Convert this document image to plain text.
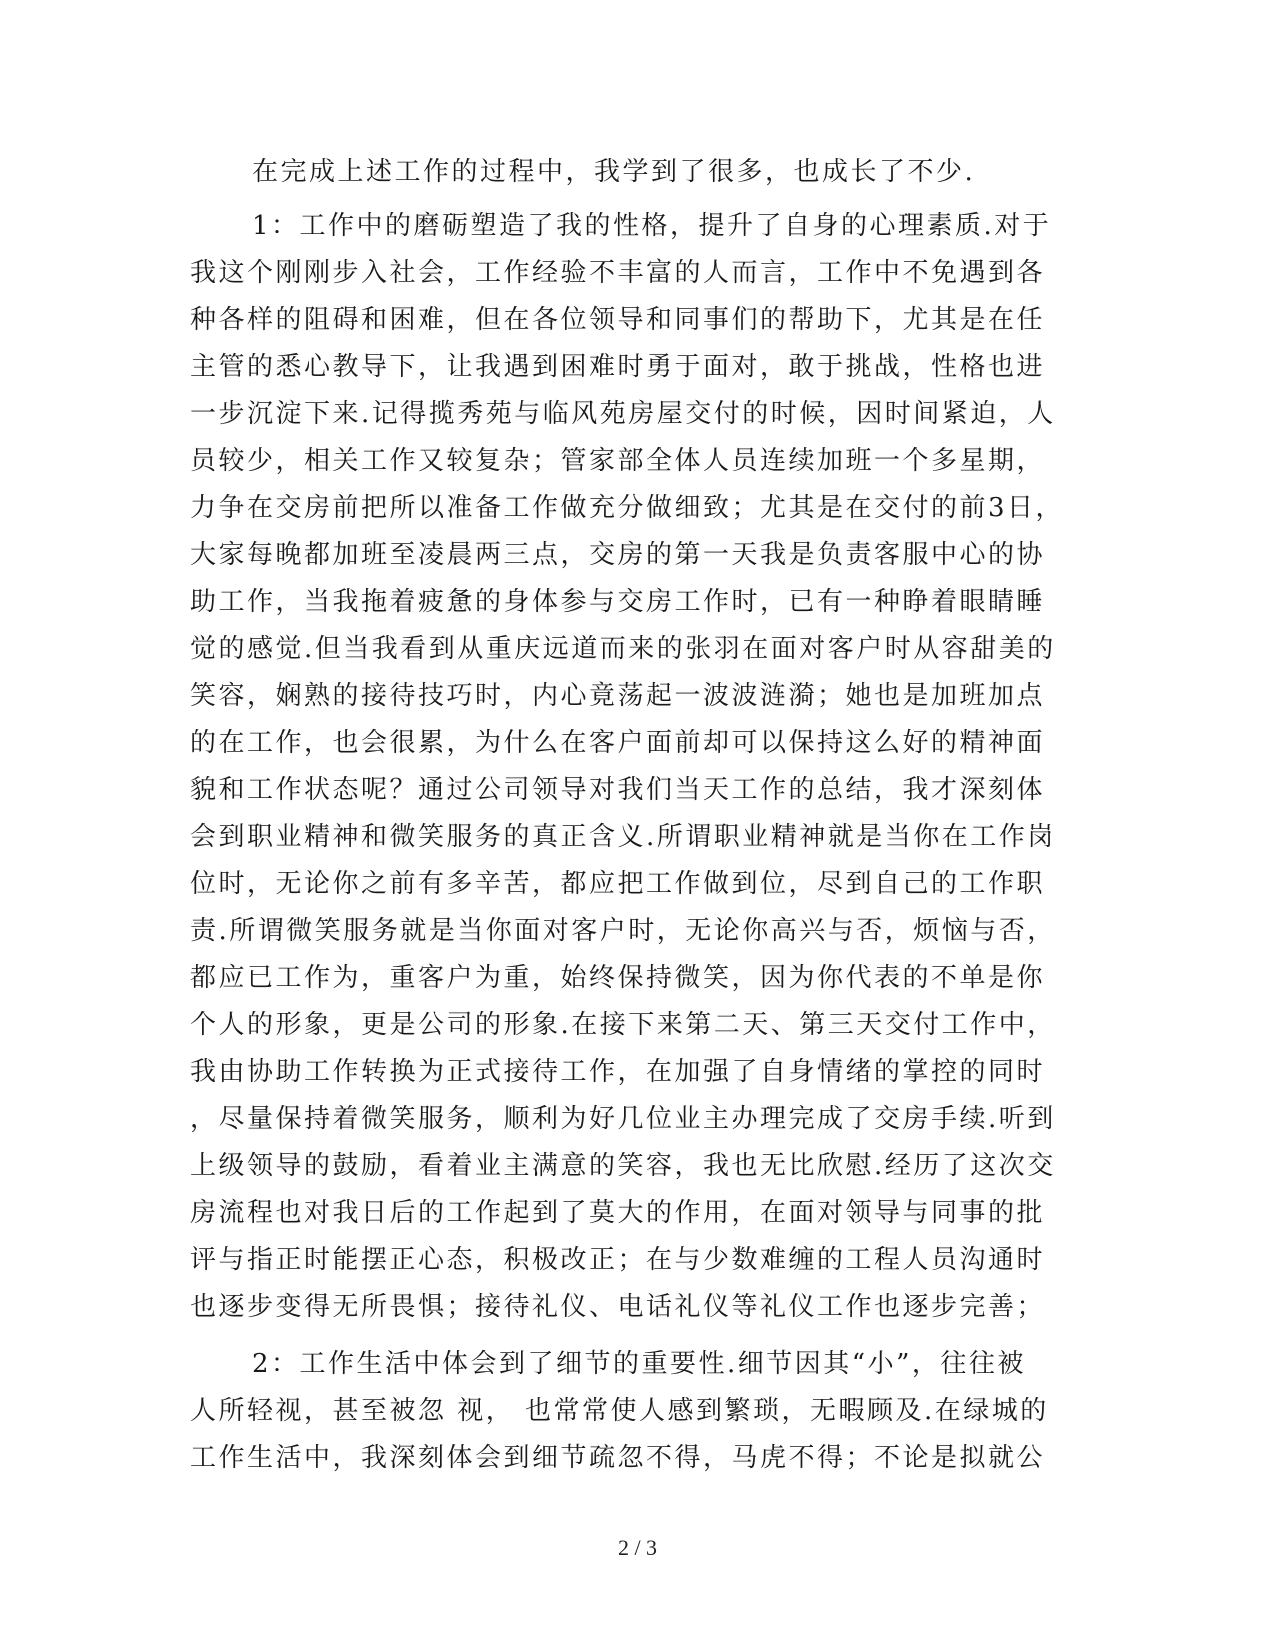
在完成上述工作的过程中，我学到了很多，也成长了不少.
1：工作中的磨砺塑造了我的性格，提升了自身的心理素质.对于
我这个刚刚步入社会，工作经验不丰富的人而言，工作中不免遇到各
种各样的阻碍和困难，但在各位领导和同事们的帮助下，尤其是在任
主管的悉心教导下，让我遇到困难时勇于面对，敢于挑战，性格也进
一步沉淀下来.记得揽秀苑与临风苑房屋交付的时候，因时间紧迫，人
员较少，相关工作又较复杂；管家部全体人员连续加班一个多星期，
力争在交房前把所以准备工作做充分做细致；尤其是在交付的前3日，
大家每晚都加班至凌晨两三点，交房的第一天我是负责客服中心的协
助工作，当我拖着疲惫的身体参与交房工作时，已有一种睁着眼睛睡
觉的感觉.但当我看到从重庆远道而来的张羽在面对客户时从容甜美的
笑容，娴熟的接待技巧时，内心竟荡起一波波涟漪；她也是加班加点
的在工作，也会很累，为什么在客户面前却可以保持这么好的精神面
貌和工作状态呢？通过公司领导对我们当天工作的总结，我才深刻体
会到职业精神和微笑服务的真正含义.所谓职业精神就是当你在工作岗
位时，无论你之前有多辛苦，都应把工作做到位，尽到自己的工作职
责.所谓微笑服务就是当你面对客户时，无论你高兴与否，烦恼与否，
都应已工作为，重客户为重，始终保持微笑，因为你代表的不单是你
个人的形象，更是公司的形象.在接下来第二天、第三天交付工作中，
我由协助工作转换为正式接待工作，在加强了自身情绪的掌控的同时
，尽量保持着微笑服务，顺利为好几位业主办理完成了交房手续.听到
上级领导的鼓励，看着业主满意的笑容，我也无比欣慰.经历了这次交
房流程也对我日后的工作起到了莫大的作用，在面对领导与同事的批
评与指正时能摆正心态，积极改正；在与少数难缠的工程人员沟通时
也逐步变得无所畏惧；接待礼仪、电话礼仪等礼仪工作也逐步完善；
2：工作生活中体会到了细节的重要性.细节因其“小”，往往被
人所轻视，甚至被忽 视， 也常常使人感到繁琐，无暇顾及.在绿城的
工作生活中，我深刻体会到细节疏忽不得，马虎不得；不论是拟就公
2 / 3
